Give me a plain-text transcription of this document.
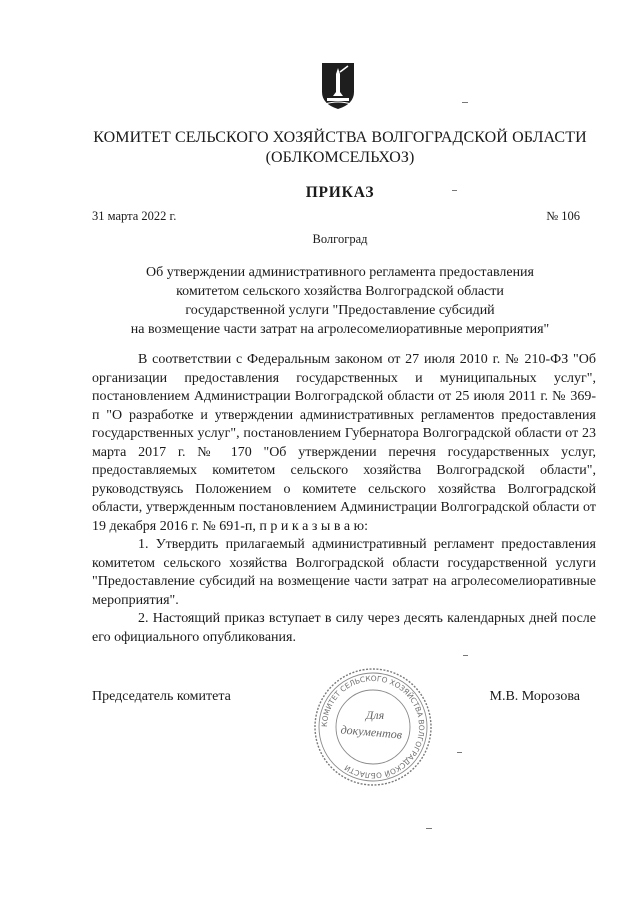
КОМИТЕТ СЕЛЬСКОГО ХОЗЯЙСТВА ВОЛГОГРАДСКОЙ ОБЛАСТИ
(ОБЛКОМСЕЛЬХОЗ)
ПРИКАЗ
31 марта 2022 г.	№ 106
Волгоград
Об утверждении административного регламента предоставления
комитетом сельского хозяйства Волгоградской области
государственной услуги "Предоставление субсидий
на возмещение части затрат на агролесомелиоративные мероприятия"

В соответствии с Федеральным законом от 27 июля 2010 г. № 210-ФЗ "Об организации предоставления государственных и муниципальных услуг", постановлением Администрации Волгоградской области от 25 июля 2011 г. № 369-п "О разработке и утверждении административных регламентов предоставления государственных услуг", постановлением Губернатора Волгоградской области от 23 марта 2017 г. № 170 "Об утверждении перечня государственных услуг, предоставляемых комитетом сельского хозяйства Волгоградской области", руководствуясь Положением о комитете сельского хозяйства Волгоградской области, утвержденным постановлением Администрации Волгоградской области от 19 декабря 2016 г. № 691-п, п р и к а з ы в а ю:

1. Утвердить прилагаемый административный регламент предоставления комитетом сельского хозяйства Волгоградской области государственной услуги "Предоставление субсидий на возмещение части затрат на агролесомелиоративные мероприятия".

2. Настоящий приказ вступает в силу через десять календарных дней после его официального опубликования.

Председатель комитета	М.В. Морозова
КОМИТЕТ СЕЛЬСКОГО ХОЗЯЙСТВА ВОЛГОГРАДСКОЙ ОБЛАСТИ
Для
документов
